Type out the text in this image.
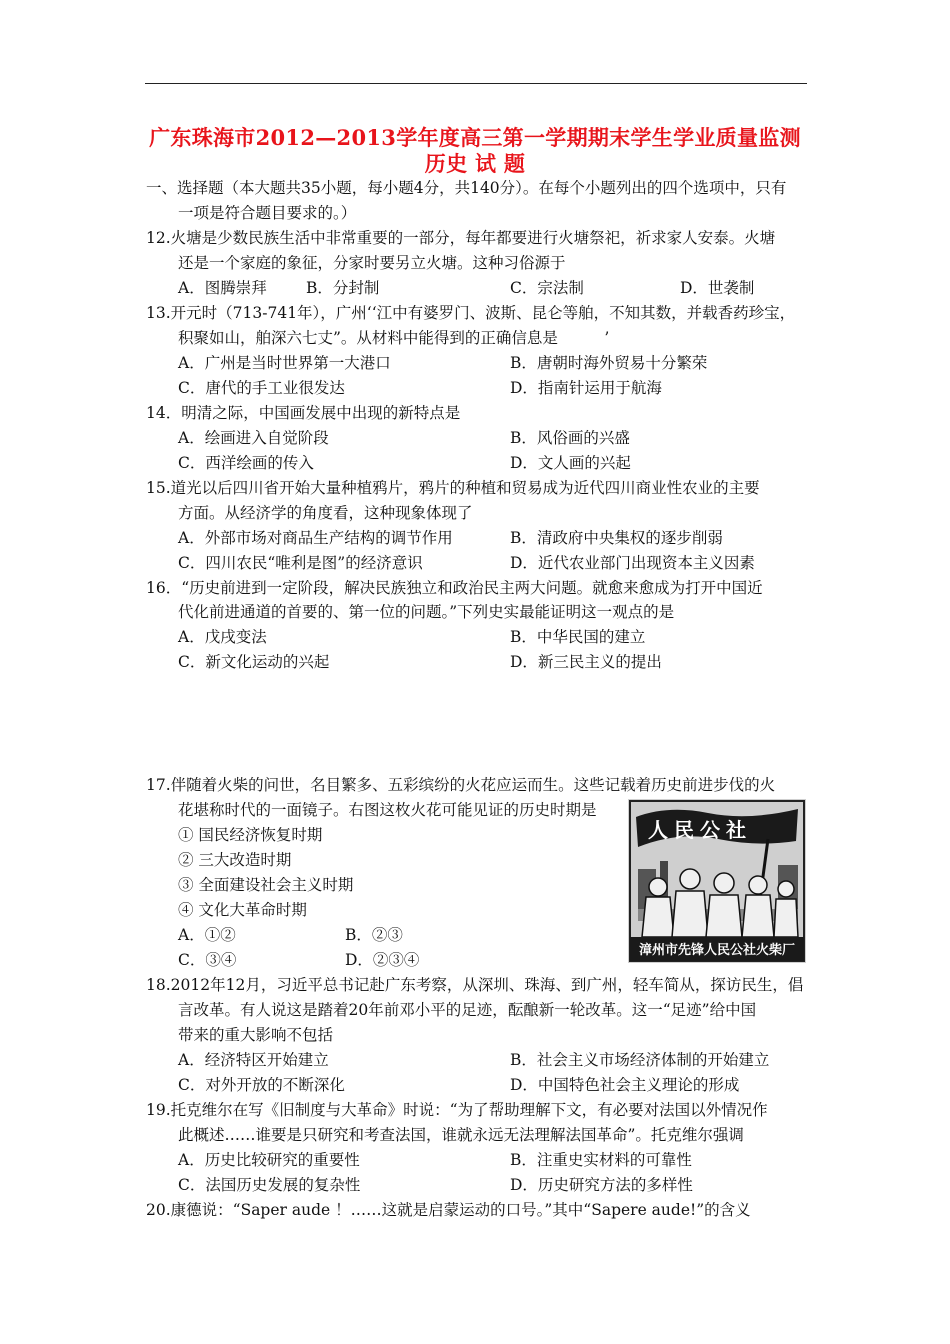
广东珠海市2012—2013学年度高三第一学期期末学生学业质量监测
历史 试 题
一、选择题（本大题共35小题，每小题4分，共140分）。在每个小题列出的四个选项中，只有
一项是符合题目要求的。）
12.火塘是少数民族生活中非常重要的一部分，每年都要进行火塘祭祀，祈求家人安泰。火塘
还是一个家庭的象征，分家时要另立火塘。这种习俗源于
A．图腾崇拜	B．分封制	C．宗法制	D．世袭制
13.开元时（713-741年），广州‘‘江中有婆罗门、波斯、昆仑等舶，不知其数，并载香药珍宝，
积聚如山，舶深六七丈”。从材料中能得到的正确信息是　　　’
A．广州是当时世界第一大港口	B．唐朝时海外贸易十分繁荣
C．唐代的手工业很发达	D．指南针运用于航海
14．明清之际，中国画发展中出现的新特点是
A．绘画进入自觉阶段	B．风俗画的兴盛
C．西洋绘画的传入	D．文人画的兴起
15.道光以后四川省开始大量种植鸦片，鸦片的种植和贸易成为近代四川商业性农业的主要
方面。从经济学的角度看，这种现象体现了
A．外部市场对商品生产结构的调节作用	B．清政府中央集权的逐步削弱
C．四川农民“唯利是图”的经济意识	D．近代农业部门出现资本主义因素
16．“历史前进到一定阶段，解决民族独立和政治民主两大问题。就愈来愈成为打开中国近
代化前进通道的首要的、第一位的问题。”下列史实最能证明这一观点的是
A．戊戌变法	B．中华民国的建立
C．新文化运动的兴起	D．新三民主义的提出
17.伴随着火柴的问世，名目繁多、五彩缤纷的火花应运而生。这些记载着历史前进步伐的火
花堪称时代的一面镜子。右图这枚火花可能见证的历史时期是
① 国民经济恢复时期
② 三大改造时期
③ 全面建设社会主义时期
④ 文化大革命时期
A．①②	B．②③
C．③④	D．②③④
人民公社
漳州市先锋人民公社火柴厂
18.2012年12月，习近平总书记赴广东考察，从深圳、珠海、到广州，轻车简从，探访民生，倡
言改革。有人说这是踏着20年前邓小平的足迹，酝酿新一轮改革。这一“足迹”给中国
带来的重大影响不包括
A．经济特区开始建立	B．社会主义市场经济体制的开始建立
C．对外开放的不断深化	D．中国特色社会主义理论的形成
19.托克维尔在写《旧制度与大革命》时说：“为了帮助理解下文，有必要对法国以外情况作
此概述……谁要是只研究和考查法国，谁就永远无法理解法国革命”。托克维尔强调
A．历史比较研究的重要性	B．注重史实材料的可靠性
C．法国历史发展的复杂性	D．历史研究方法的多样性
20.康德说：“Saper aude ！……这就是启蒙运动的口号。”其中“Sapere aude!”的含义
